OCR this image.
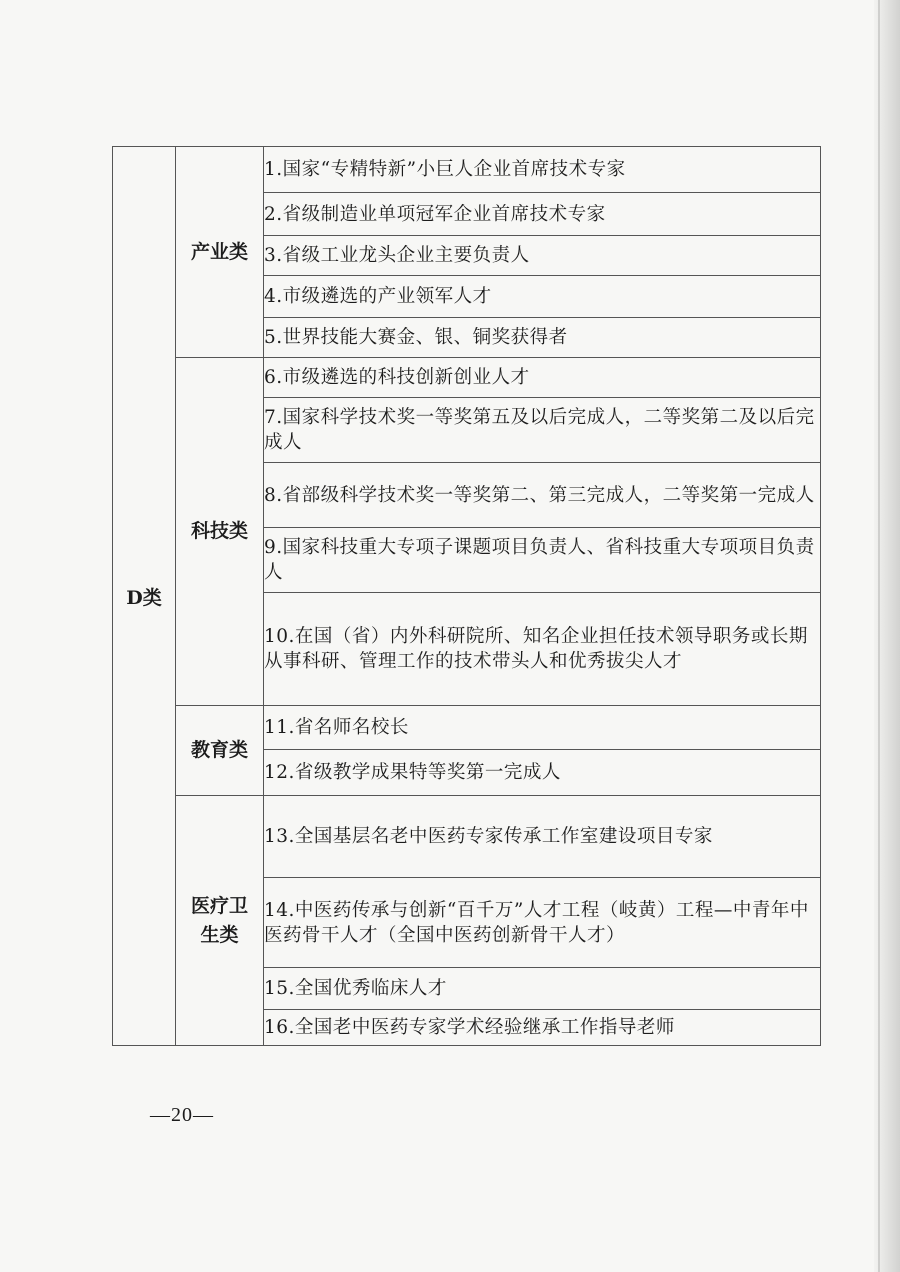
D类	产业类	1.国家“专精特新”小巨人企业首席技术专家

		2.省级制造业单项冠军企业首席技术专家

		3.省级工业龙头企业主要负责人

		4.市级遴选的产业领军人才

		5.世界技能大赛金、银、铜奖获得者

	科技类	6.市级遴选的科技创新创业人才

		7.国家科学技术奖一等奖第五及以后完成人，二等奖第二及以后完成人

		8.省部级科学技术奖一等奖第二、第三完成人，二等奖第一完成人

		9.国家科技重大专项子课题项目负责人、省科技重大专项项目负责人

		10.在国（省）内外科研院所、知名企业担任技术领导职务或长期从事科研、管理工作的技术带头人和优秀拔尖人才

	教育类	11.省名师名校长

		12.省级教学成果特等奖第一完成人

	医疗卫生类	13.全国基层名老中医药专家传承工作室建设项目专家

		14.中医药传承与创新“百千万”人才工程（岐黄）工程—中青年中医药骨干人才（全国中医药创新骨干人才）

		15.全国优秀临床人才

		16.全国老中医药专家学术经验继承工作指导老师
—20—
